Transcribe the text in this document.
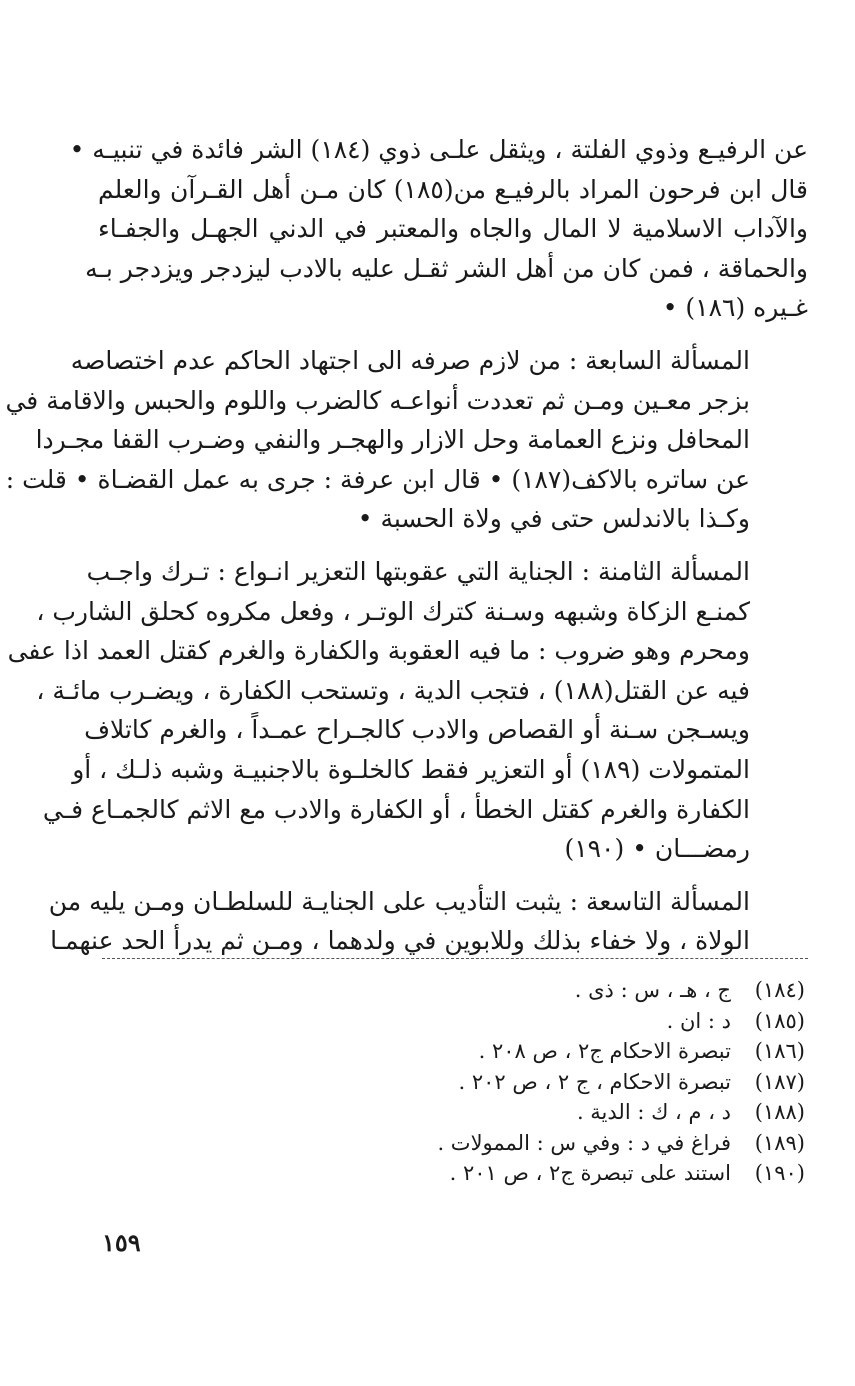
عن الرفيـع وذوي الفلتة ، ويثقل علـى ذوي (١٨٤) الشر فائدة في تنبيـه •
قال ابن فرحون المراد بالرفيـع من(١٨٥) كان مـن أهل القـرآن والعلم
والآداب الاسلامية لا المال والجاه والمعتبر في الدني الجهـل والجفـاء
والحماقة ، فمن كان من أهل الشر ثقـل عليه بالادب ليزدجر ويزدجر بـه
غـيره (١٨٦) •

المسألة السابعة : من لازم صرفه الى اجتهاد الحاكم عدم اختصاصه
بزجر معـين ومـن ثم تعددت أنواعـه كالضرب واللوم والحبس والاقامة في
المحافل ونزع العمامة وحل الازار والهجـر والنفي وضـرب القفا مجـردا
عن ساتره بالاكف(١٨٧) • قال ابن عرفة : جرى به عمل القضـاة • قلت :
وكـذا بالاندلس حتى في ولاة الحسبة •

المسألة الثامنة : الجناية التي عقوبتها التعزير انـواع : تـرك واجـب
كمنـع الزكاة وشبهه وسـنة كترك الوتـر ، وفعل مكروه كحلق الشارب ،
ومحرم وهو ضروب : ما فيه العقوبة والكفارة والغرم كقتل العمد اذا عفى
فيه عن القتل(١٨٨) ، فتجب الدية ، وتستحب الكفارة ، ويضـرب مائـة ،
ويسـجن سـنة أو القصاص والادب كالجـراح عمـداً ، والغرم كاتلاف
المتمولات (١٨٩) أو التعزير فقط كالخلـوة بالاجنبيـة وشبه ذلـك ، أو
الكفارة والغرم كقتل الخطأ ، أو الكفارة والادب مع الاثم كالجمـاع فـي
رمضـــان • (١٩٠)

المسألة التاسعة : يثبت التأديب على الجنايـة للسلطـان ومـن يليه من
الولاة ، ولا خفاء بذلك وللابوين في ولدهما ، ومـن ثم يدرأ الحد عنهمـا

(١٨٤)
ج ، هـ ، س : ذى .
(١٨٥)
د : ان .
(١٨٦)
تبصرة الاحكام ج٢ ، ص ٢٠٨ .
(١٨٧)
تبصرة الاحكام ، ج ٢ ، ص ٢٠٢ .
(١٨٨)
د ، م ، ك : الدية .
(١٨٩)
فراغ في د : وفي س : الممولات .
(١٩٠)
استند على تبصرة ج٢ ، ص ٢٠١ .
١٥٩
